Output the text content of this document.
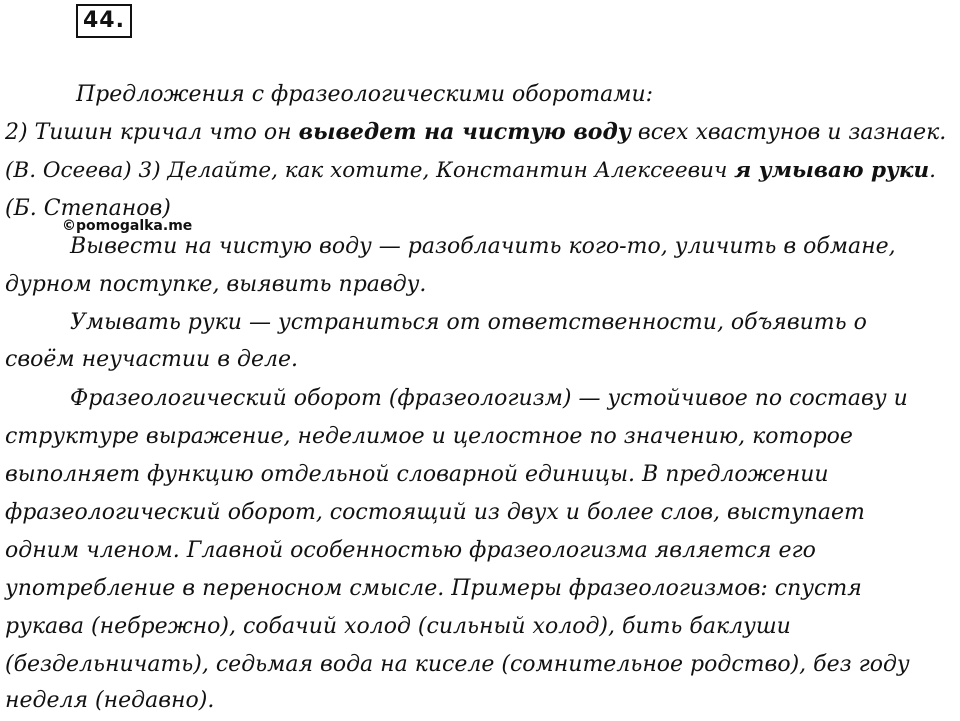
44.
Предложения с фразеологическими оборотами:
2) Тишин кричал что он выведет на чистую воду всех хвастунов и зазнаек.
(В. Осеева) 3) Делайте, как хотите, Константин Алексеевич я умываю руки.
(Б. Степанов)
©pomogalka.me
Вывести на чистую воду — разоблачить кого-то, уличить в обмане,
дурном поступке, выявить правду.
Умывать руки — устраниться от ответственности, объявить о
своём неучастии в деле.
Фразеологический оборот (фразеологизм) — устойчивое по составу и
структуре выражение, неделимое и целостное по значению, которое
выполняет функцию отдельной словарной единицы. В предложении
фразеологический оборот, состоящий из двух и более слов, выступает
одним членом. Главной особенностью фразеологизма является его
употребление в переносном смысле. Примеры фразеологизмов: спустя
рукава (небрежно), собачий холод (сильный холод), бить баклуши
(бездельничать), седьмая вода на киселе (сомнительное родство), без году
неделя (недавно).
